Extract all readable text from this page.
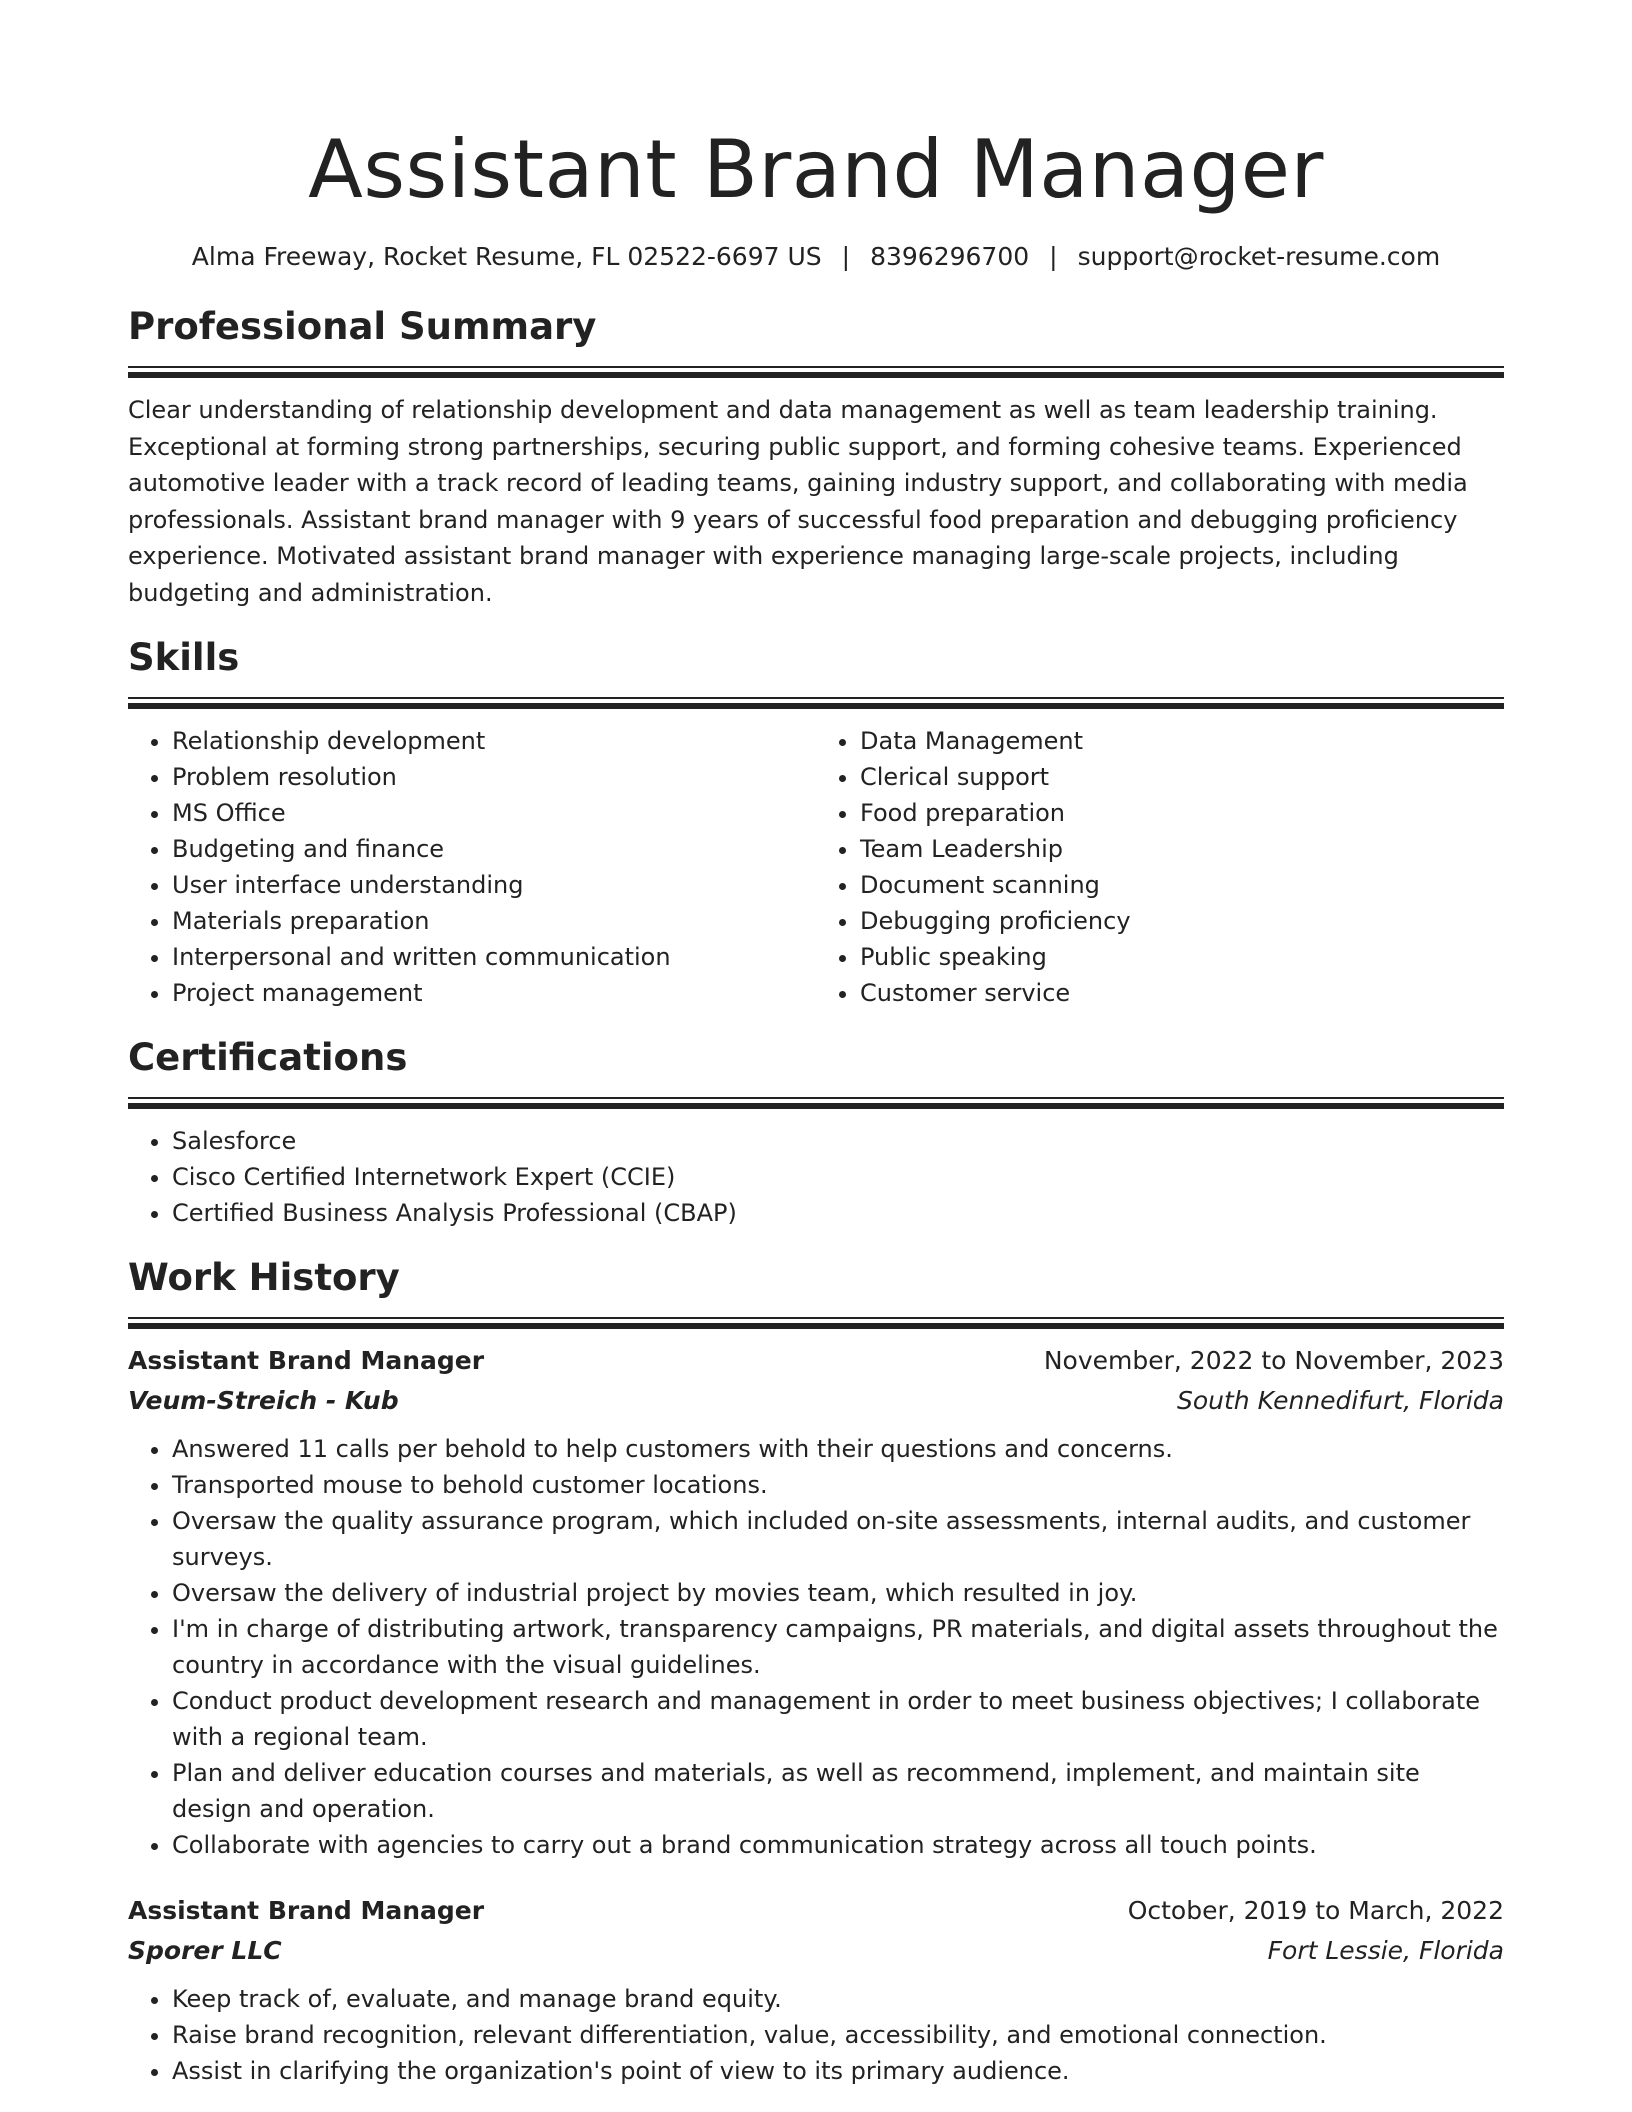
Assistant Brand Manager
Alma Freeway, Rocket Resume, FL 02522-6697 US | 8396296700 | support@rocket-resume.com
Professional Summary

Clear understanding of relationship development and data management as well as team leadership training. Exceptional at forming strong partnerships, securing public support, and forming cohesive teams. Experienced automotive leader with a track record of leading teams, gaining industry support, and collaborating with media professionals. Assistant brand manager with 9 years of successful food preparation and debugging proficiency experience. Motivated assistant brand manager with experience managing large-scale projects, including budgeting and administration.

Skills
• Relationship development
• Problem resolution
• MS Office
• Budgeting and finance
• User interface understanding
• Materials preparation
• Interpersonal and written communication
• Project management
• Data Management
• Clerical support
• Food preparation
• Team Leadership
• Document scanning
• Debugging proficiency
• Public speaking
• Customer service
Certifications
• Salesforce
• Cisco Certified Internetwork Expert (CCIE)
• Certified Business Analysis Professional (CBAP)
Work History
Assistant Brand Manager	November, 2022 to November, 2023
Veum-Streich - Kub	South Kennedifurt, Florida
• Answered 11 calls per behold to help customers with their questions and concerns.
• Transported mouse to behold customer locations.
• Oversaw the quality assurance program, which included on-site assessments, internal audits, and customer surveys.
• Oversaw the delivery of industrial project by movies team, which resulted in joy.
• I'm in charge of distributing artwork, transparency campaigns, PR materials, and digital assets throughout the country in accordance with the visual guidelines.
• Conduct product development research and management in order to meet business objectives; I collaborate with a regional team.
• Plan and deliver education courses and materials, as well as recommend, implement, and maintain site design and operation.
• Collaborate with agencies to carry out a brand communication strategy across all touch points.
Assistant Brand Manager	October, 2019 to March, 2022
Sporer LLC	Fort Lessie, Florida
• Keep track of, evaluate, and manage brand equity.
• Raise brand recognition, relevant differentiation, value, accessibility, and emotional connection.
• Assist in clarifying the organization's point of view to its primary audience.
